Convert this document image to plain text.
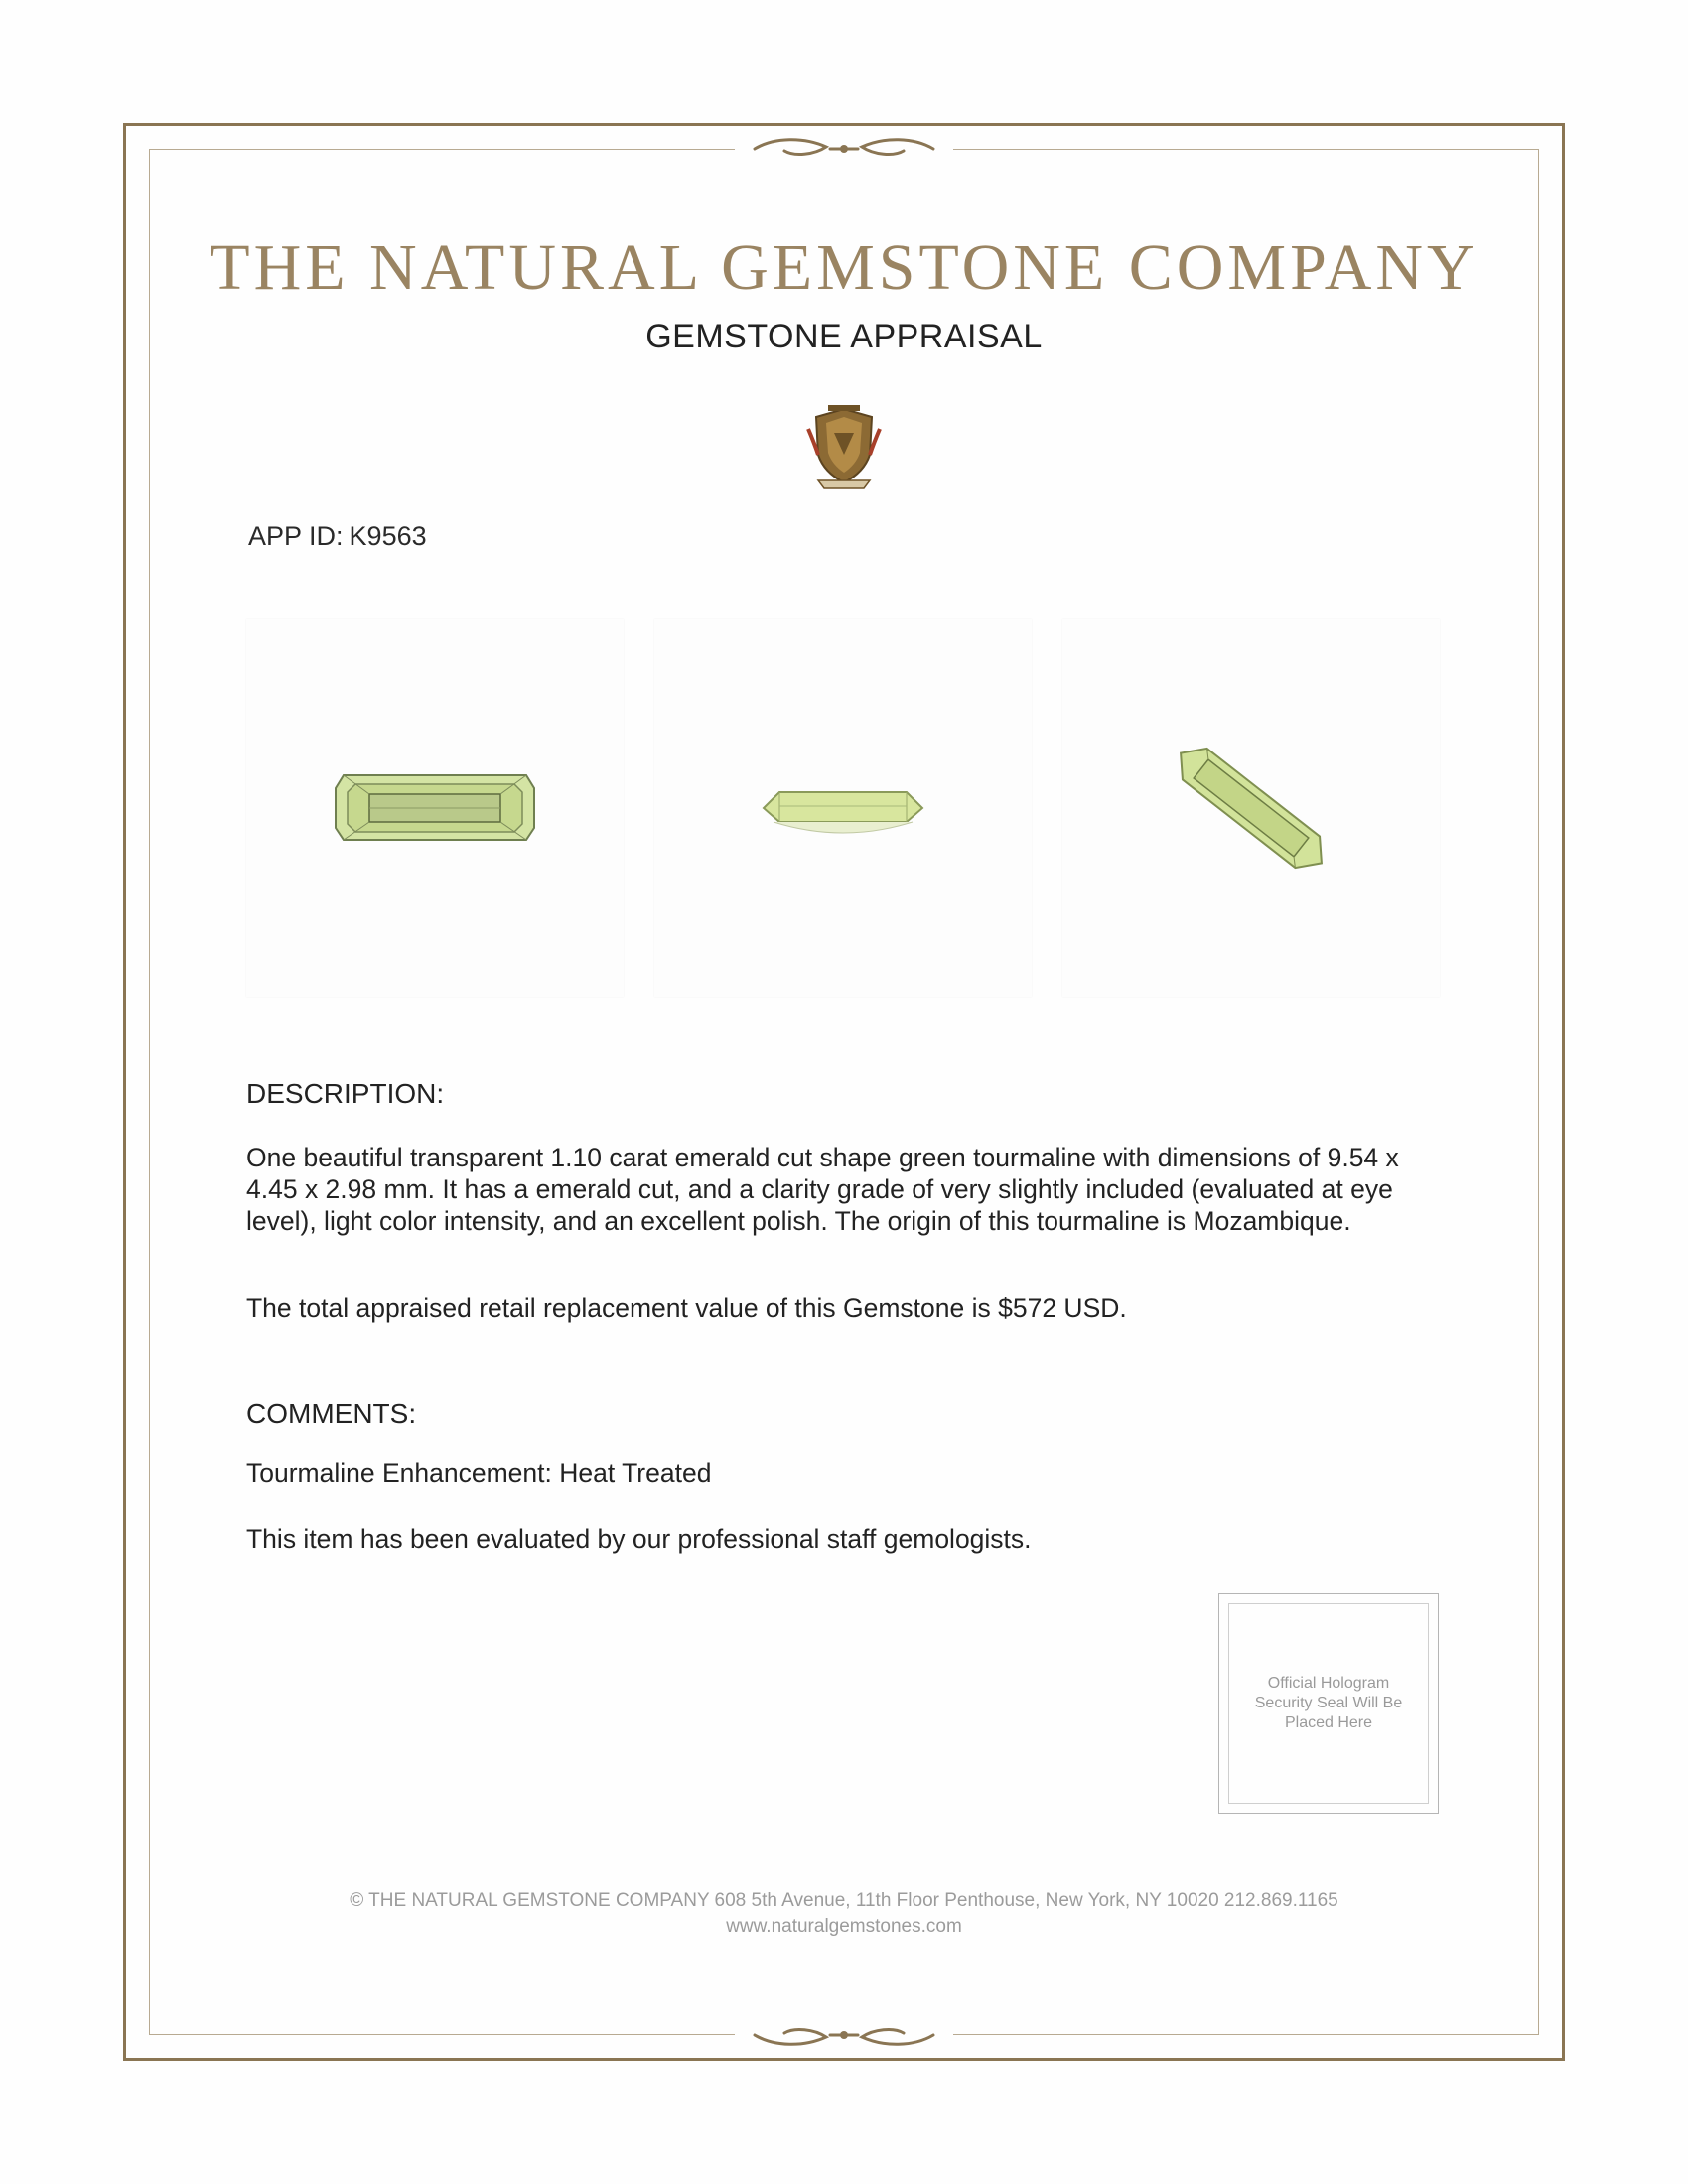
THE NATURAL GEMSTONE COMPANY
GEMSTONE APPRAISAL
APP ID: K9563
DESCRIPTION:
One beautiful transparent 1.10 carat emerald cut shape green tourmaline with dimensions of 9.54 x 4.45 x 2.98 mm. It has a emerald cut, and a clarity grade of very slightly included (evaluated at eye level), light color intensity, and an excellent polish. The origin of this tourmaline is Mozambique.
The total appraised retail replacement value of this Gemstone is $572 USD.
COMMENTS:
Tourmaline Enhancement: Heat Treated
This item has been evaluated by our professional staff gemologists.
Official Hologram Security Seal Will Be Placed Here
© THE NATURAL GEMSTONE COMPANY 608 5th Avenue, 11th Floor Penthouse, New York, NY 10020 212.869.1165
www.naturalgemstones.com
